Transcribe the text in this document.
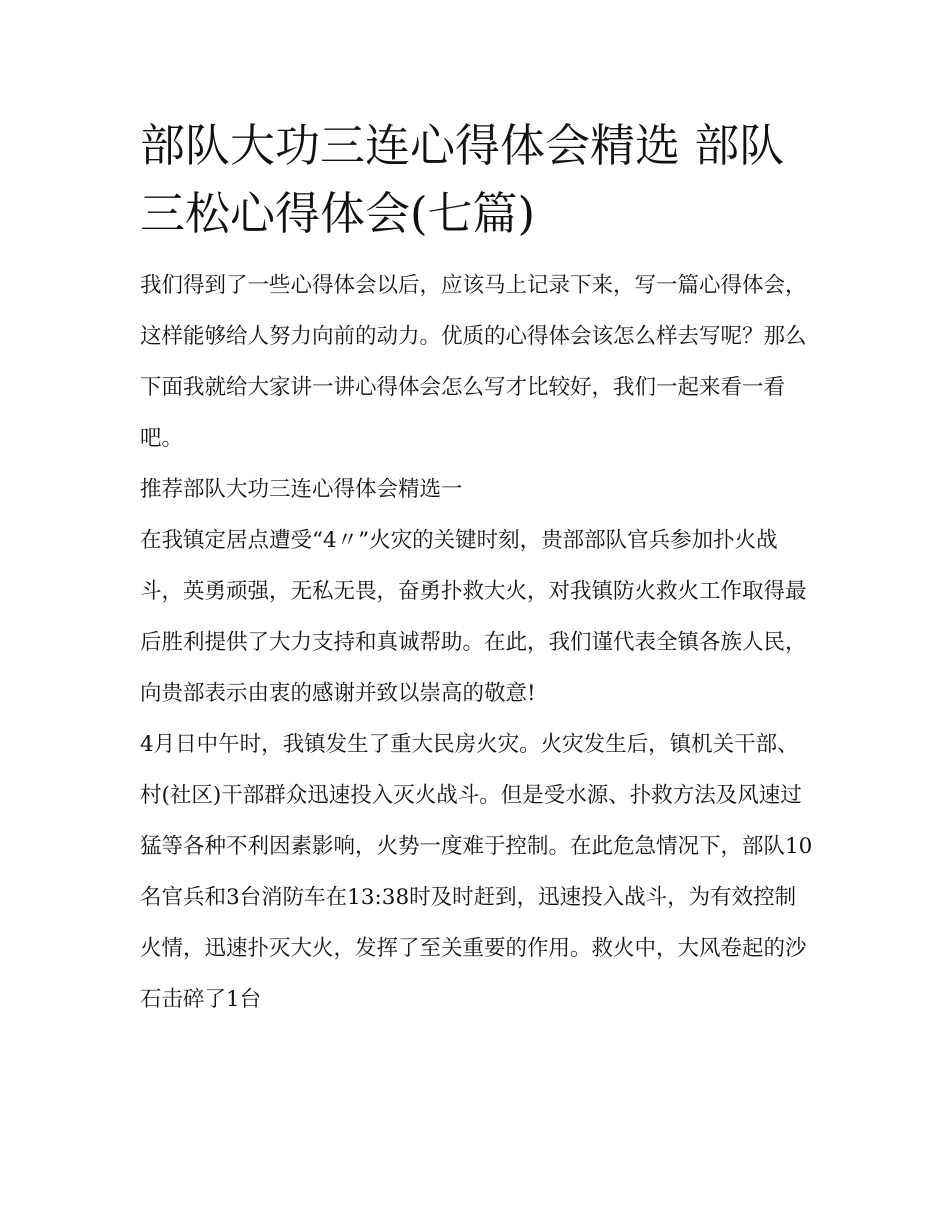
部队大功三连心得体会精选 部队三松心得体会(七篇)

我们得到了一些心得体会以后，应该马上记录下来，写一篇心得体会，这样能够给人努力向前的动力。优质的心得体会该怎么样去写呢？那么下面我就给大家讲一讲心得体会怎么写才比较好，我们一起来看一看吧。

推荐部队大功三连心得体会精选一

在我镇定居点遭受“4〃”火灾的关键时刻，贵部部队官兵参加扑火战斗，英勇顽强，无私无畏，奋勇扑救大火，对我镇防火救火工作取得最后胜利提供了大力支持和真诚帮助。在此，我们谨代表全镇各族人民，向贵部表示由衷的感谢并致以崇高的敬意!

4月日中午时，我镇发生了重大民房火灾。火灾发生后，镇机关干部、村(社区)干部群众迅速投入灭火战斗。但是受水源、扑救方法及风速过猛等各种不利因素影响，火势一度难于控制。在此危急情况下，部队10名官兵和3台消防车在13:38时及时赶到，迅速投入战斗，为有效控制火情，迅速扑灭大火，发挥了至关重要的作用。救火中，大风卷起的沙石击碎了1台
